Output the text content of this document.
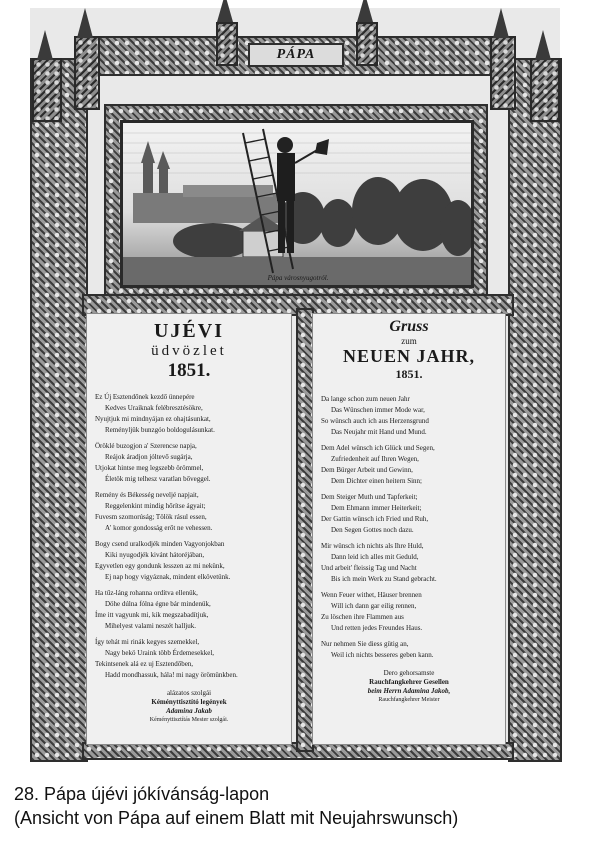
PÁPA
Pápa városnyugotról.
UJÉVI
üdvözlet
1851.
Ez Új Esztendőnek kezdő ünnepére
Kedves Uraiknak felébresztésökre,
Nyujtjuk mi mindnyájan ez ohajtásunkat,
Reményljük bunzgóo boldogulásunkat.
Öröklé buzogjon a' Szerencse napja,
Reájok áradjon jóltevő sugárja,
Utjokat hintse meg legszebb örömmel,
Életök mig telhesz varatlan bőveggel.
Remény és Békesség neveljé napjait,
Reggelenkint mindig hőrítse ágyait;
Fuvesm szomorúság; Tölök rásul essen,
A' komor gondosság erőt ne vehessen.
Bogy csend uralkodjék minden Vagyonjokban
Kiki nyugodjék kivánt hátoréjában,
Egyvetlen egy gondunk lesszen az mi nekünk,
Ej nap hogy vigyáznak, mindent elkövetünk.
Ha tűz-láng rohanna ordítva ellenük,
Döhe dúlna fólna égne bár mindenük,
Íme itt vagyunk mi, kik megszabadítjuk,
Mihelyest valami neszét halljuk.
Így tehát mi rinák kegyes szemekkel,
Nagy bekö Uraink több Érdemesekkel,
Tekintsenek alá ez uj Esztendőben,
Hadd mondhassuk, hála! mi nagy örömünkben.
alázatos szolgái
Kéményttisztító legények
Adamina Jakab
Kéményttisztítás Mester szolgái.
Gruss
zum
NEUEN JAHR,
1851.
Da lange schon zum neuen Jahr
Das Wünschen immer Mode war,
So wünsch auch ich aus Herzensgrund
Das Neujahr mit Hand und Mund.
Dem Adel wünsch ich Glück und Segen,
Zufriedenheit auf Ihren Wegen,
Dem Bürger Arbeit und Gewinn,
Dem Dichter einen heitern Sinn;
Dem Steiger Muth und Tapferkeit;
Dem Ehmann immer Heiterkeit;
Der Gattin wünsch ich Fried und Ruh,
Den Segen Gottes noch dazu.
Mir wünsch ich nichts als Ihre Huld,
Dann leid ich alles mit Geduld,
Und arbeit' fleissig Tag und Nacht
Bis ich mein Werk zu Stand gebracht.
Wenn Feuer withet, Häuser brennen
Will ich dann gar eilig rennen,
Zu löschen ihre Flammen aus
Und retten jedes Freundes Haus.
Nur nehmen Sie diess gütig an,
Weil ich nichts besseres geben kann.
Dero gehorsamste
Rauchfangkehrer Gesellen
beim Herrn Adamina Jakob,
Rauchfangkehrer Meister
28. Pápa újévi jókívánság-lapon
(Ansicht von Pápa auf einem Blatt mit Neujahrswunsch)
